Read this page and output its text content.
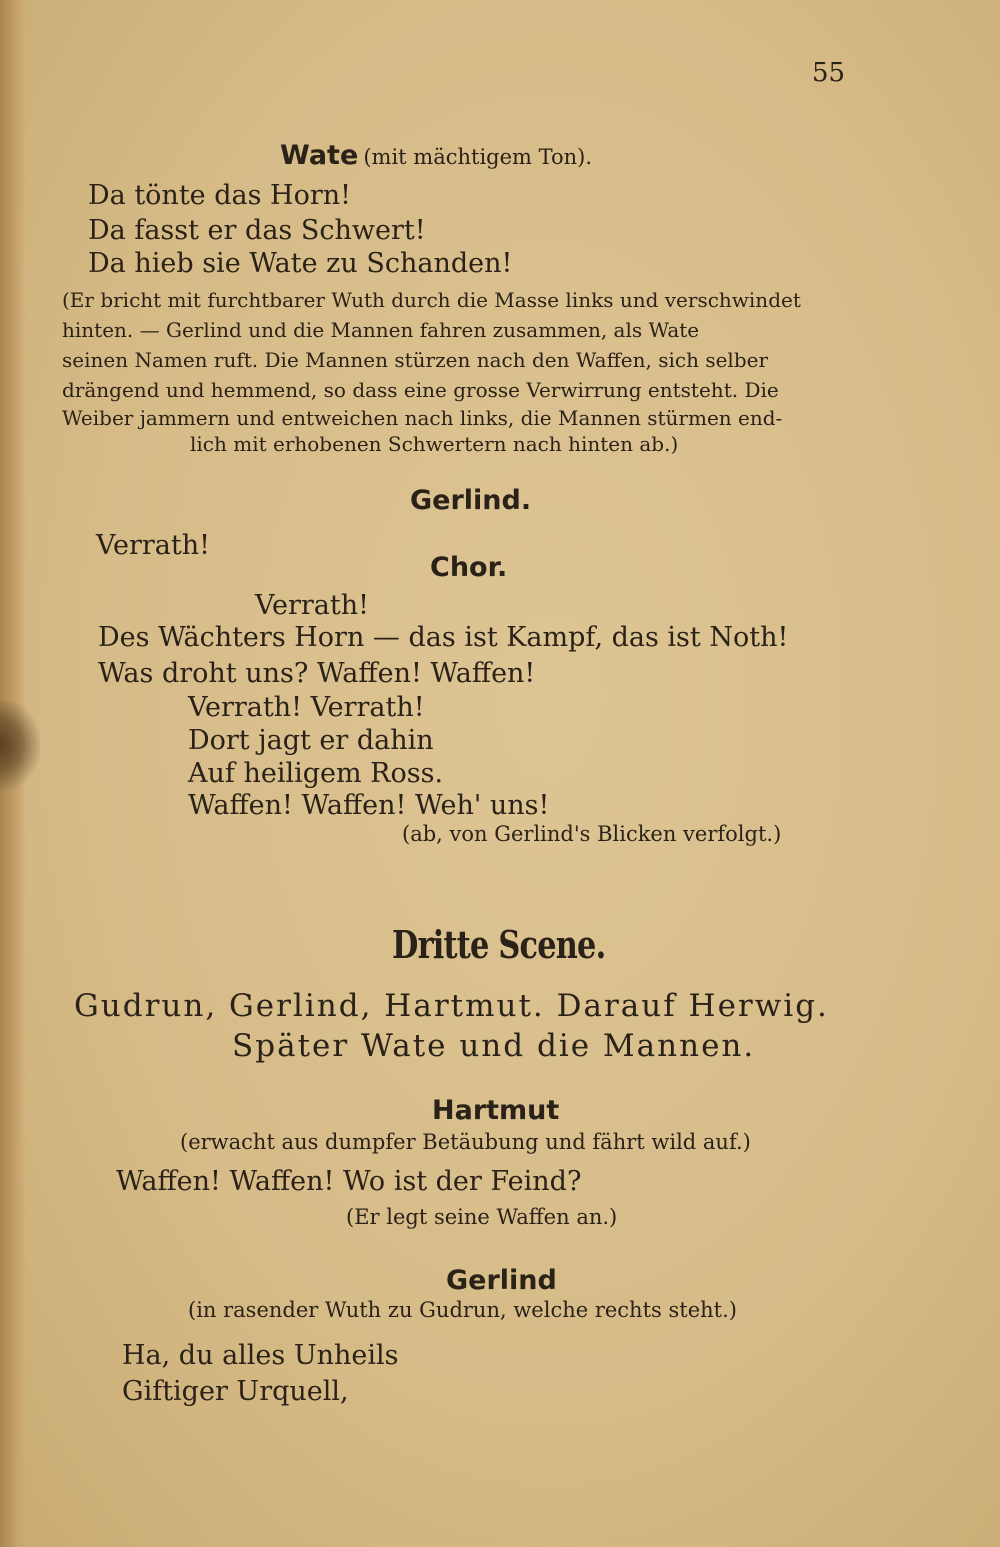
55
Wate (mit mächtigem Ton).
Da tönte das Horn!
Da fasst er das Schwert!
Da hieb sie Wate zu Schanden!
(Er bricht mit furchtbarer Wuth durch die Masse links und verschwindet
hinten. — Gerlind und die Mannen fahren zusammen, als Wate
seinen Namen ruft. Die Mannen stürzen nach den Waffen, sich selber
drängend und hemmend, so dass eine grosse Verwirrung entsteht. Die
Weiber jammern und entweichen nach links, die Mannen stürmen end-
lich mit erhobenen Schwertern nach hinten ab.)
Gerlind.
Verrath!
Chor.
Verrath!
Des Wächters Horn — das ist Kampf, das ist Noth!
Was droht uns? Waffen! Waffen!
Verrath! Verrath!
Dort jagt er dahin
Auf heiligem Ross.
Waffen! Waffen! Weh' uns!
(ab, von Gerlind's Blicken verfolgt.)
Dritte Scene.
Gudrun, Gerlind, Hartmut. Darauf Herwig.
Später Wate und die Mannen.
Hartmut
(erwacht aus dumpfer Betäubung und fährt wild auf.)
Waffen! Waffen! Wo ist der Feind?
(Er legt seine Waffen an.)
Gerlind
(in rasender Wuth zu Gudrun, welche rechts steht.)
Ha, du alles Unheils
Giftiger Urquell,
